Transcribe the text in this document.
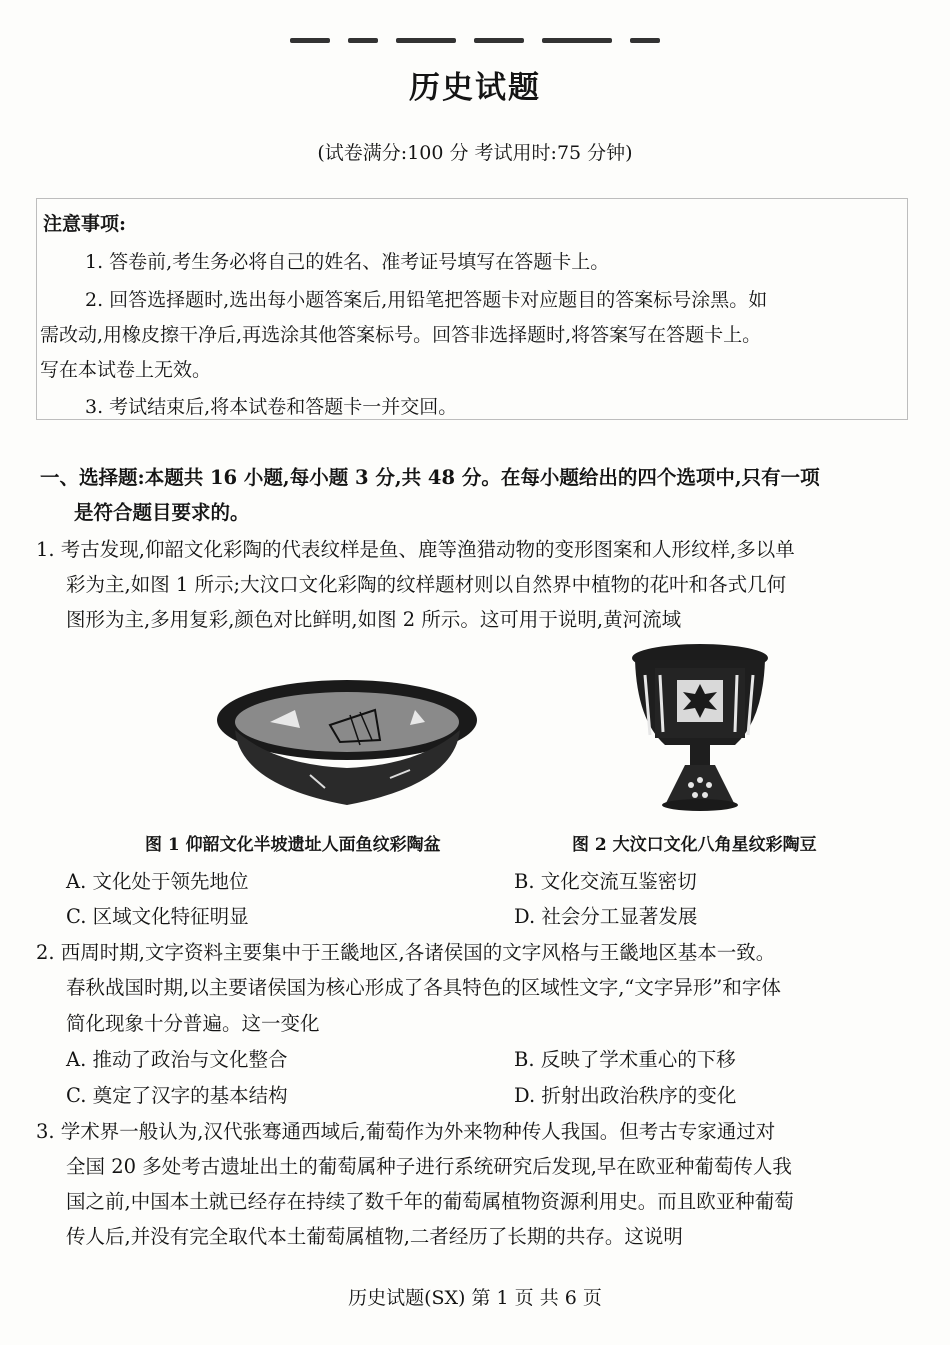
历史试题
(试卷满分:100 分 考试用时:75 分钟)
注意事项:
1. 答卷前,考生务必将自己的姓名、准考证号填写在答题卡上。
2. 回答选择题时,选出每小题答案后,用铅笔把答题卡对应题目的答案标号涂黑。如
需改动,用橡皮擦干净后,再选涂其他答案标号。回答非选择题时,将答案写在答题卡上。
写在本试卷上无效。
3. 考试结束后,将本试卷和答题卡一并交回。
一、选择题:本题共 16 小题,每小题 3 分,共 48 分。在每小题给出的四个选项中,只有一项
是符合题目要求的。
1. 考古发现,仰韶文化彩陶的代表纹样是鱼、鹿等渔猎动物的变形图案和人形纹样,多以单
彩为主,如图 1 所示;大汶口文化彩陶的纹样题材则以自然界中植物的花叶和各式几何
图形为主,多用复彩,颜色对比鲜明,如图 2 所示。这可用于说明,黄河流域
图 1 仰韶文化半坡遗址人面鱼纹彩陶盆	图 2 大汶口文化八角星纹彩陶豆
A. 文化处于领先地位	B. 文化交流互鉴密切
C. 区域文化特征明显	D. 社会分工显著发展
2. 西周时期,文字资料主要集中于王畿地区,各诸侯国的文字风格与王畿地区基本一致。
春秋战国时期,以主要诸侯国为核心形成了各具特色的区域性文字,“文字异形”和字体
简化现象十分普遍。这一变化
A. 推动了政治与文化整合	B. 反映了学术重心的下移
C. 奠定了汉字的基本结构	D. 折射出政治秩序的变化
3. 学术界一般认为,汉代张骞通西域后,葡萄作为外来物种传人我国。但考古专家通过对
全国 20 多处考古遗址出土的葡萄属种子进行系统研究后发现,早在欧亚种葡萄传人我
国之前,中国本土就已经存在持续了数千年的葡萄属植物资源利用史。而且欧亚种葡萄
传人后,并没有完全取代本土葡萄属植物,二者经历了长期的共存。这说明
历史试题(SX) 第 1 页 共 6 页
